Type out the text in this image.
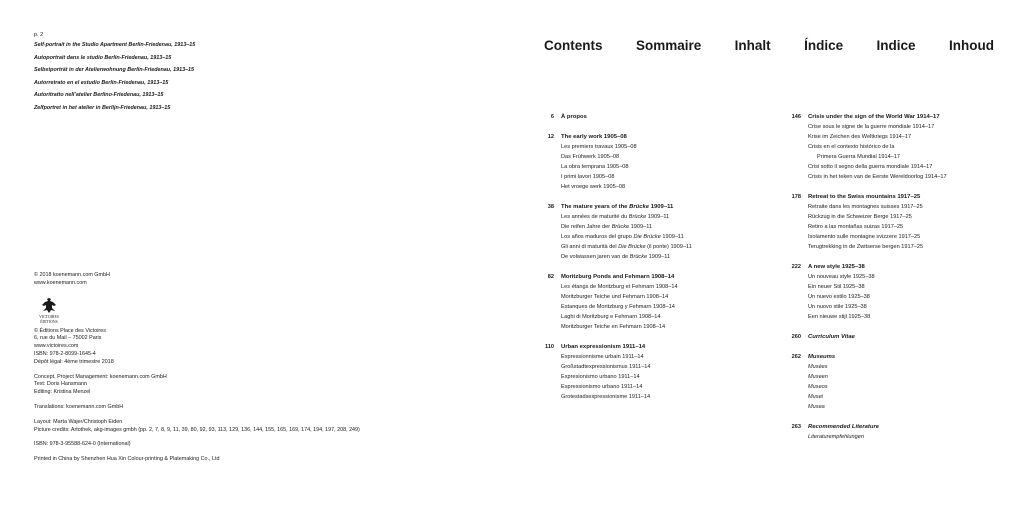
p. 2
Self-portrait in the Studio Apartment Berlin-Friedenau, 1913–15
Autoportrait dans le studio Berlin-Friedenau, 1913–15
Selbstporträt in der Atelierwohnung Berlin-Friedenau, 1913–15
Autorretrato en el estudio Berlin-Friedenau, 1913–15
Autoritratto nell’atelier Berlino-Friedenau, 1913–15
Zelfportret in het atelier in Berlijn-Friedenau, 1913–15
© 2018 koenemann.com GmbH
www.koenemann.com
VICTOIRES
ÉDITIONS
© Éditions Place des Victoires
6, rue du Mail – 75002 Paris
www.victoires.com
ISBN: 978-2-8099-1645-4
Dépôt légal: 4ème trimestre 2018
Concept, Project Management: koenemann.com GmbH
Text: Doris Hansmann
Editing: Kristina Menzel
Translations: koenemann.com GmbH
Layout: Marta Wajer/Christoph Eiden
Picture credits: Artothek, akg-images gmbh (pp. 2, 7, 8, 9, 11, 39, 80, 92, 93, 113, 129, 136, 144, 155, 165, 169, 174, 194, 197, 208, 249)
ISBN: 978-3-95588-624-0 (International)
Printed in China by Shenzhen Hua Xin Colour-printing & Platemaking Co., Ltd
Contents Sommaire Inhalt Índice Indice Inhoud
6 À propos
12 The early work 1905–08
Les premiers travaux 1905–08
Das Frühwerk 1905–08
La obra temprana 1905–08
I primi lavori 1905–08
Het vroege werk 1905–08
38 The mature years of the Brücke 1909–11
Les années de maturité du Brücke 1909–11
Die reifen Jahre der Brücke 1909–11
Los años maduros del grupo Die Brücke 1909–11
Gli anni di maturità del Die Brücke (il ponte) 1909–11
De volwassen jaren van de Brücke 1909–11
82 Moritzburg Ponds and Fehmarn 1908–14
Les étangs de Moritzburg et Fehmarn 1908–14
Moritzburger Teiche und Fehmarn 1908–14
Estanques de Moritzburg y Fehmarn 1908–14
Laghi di Moritzburg e Fehmarn 1908–14
Moritzburger Teiche en Fehmarn 1908–14
110 Urban expressionism 1911–14
Expressionnisme urbain 1911–14
Großstadtexpressionismus 1911–14
Expresionismo urbano 1911–14
Espressionismo urbano 1911–14
Grotestadsexpressionisme 1911–14
146 Crisis under the sign of the World War 1914–17
Crise sous le signe de la guerre mondiale 1914–17
Krise im Zeichen des Weltkriegs 1914–17
Crisis en el contexto histórico de la
Primera Guerra Mundial 1914–17
Crisi sotto il segno della guerra mondiale 1914–17
Crisis in het teken van de Eerste Wereldoorlog 1914–17
178 Retreat to the Swiss mountains 1917–25
Retraite dans les montagnes suisses 1917–25
Rückzug in die Schweizer Berge 1917–25
Retiro a las montañas suizas 1917–25
Isolamento sulle montagne svizzere 1917–25
Terugtrekking in de Zwitserse bergen 1917–25
222 A new style 1925–38
Un nouveau style 1925–38
Ein neuer Stil 1925–38
Un nuevo estilo 1925–38
Un nuovo stile 1925–38
Een nieuwe stijl 1925–38
260 Curriculum Vitae
262 Museums
Musées
Museen
Museos
Musei
Musea
263 Recommended Literature
Literaturempfehlungen
